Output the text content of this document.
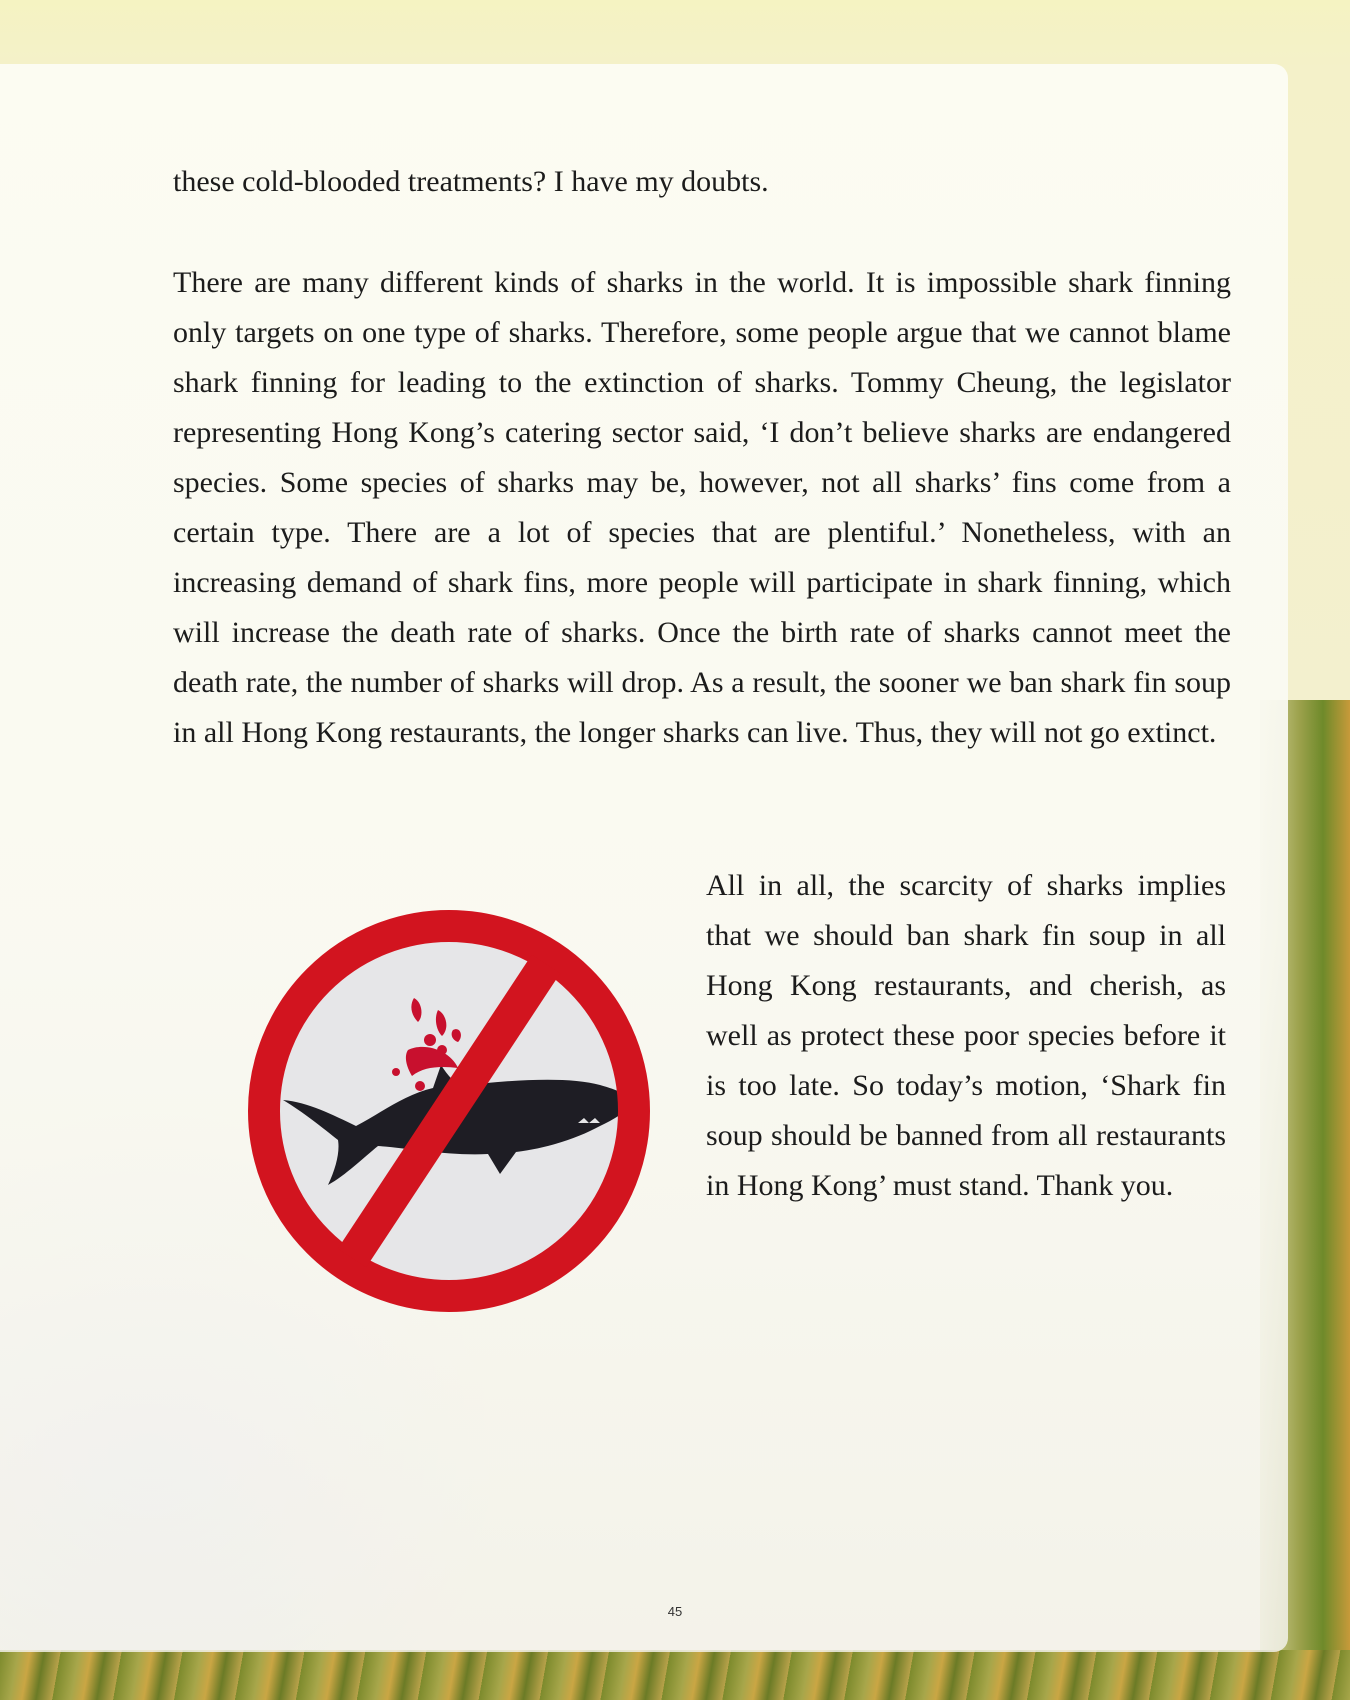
these cold-blooded treatments? I have my doubts.

There are many different kinds of sharks in the world. It is impossible shark finning only targets on one type of sharks. Therefore, some people argue that we cannot blame shark finning for leading to the extinction of sharks. Tommy Cheung, the legislator representing Hong Kong’s catering sector said, ‘I don’t believe sharks are endangered species. Some species of sharks may be, however, not all sharks’ fins come from a certain type. There are a lot of species that are plentiful.’ Nonetheless, with an increasing demand of shark fins, more people will participate in shark finning, which will increase the death rate of sharks. Once the birth rate of sharks cannot meet the death rate, the number of sharks will drop. As a result, the sooner we ban shark fin soup in all Hong Kong restaurants, the longer sharks can live. Thus, they will not go extinct.

All in all, the scarcity of sharks implies that we should ban shark fin soup in all Hong Kong restaurants, and cherish, as well as protect these poor species before it is too late. So today’s motion, ‘Shark fin soup should be banned from all restaurants in Hong Kong’ must stand. Thank you.

45
